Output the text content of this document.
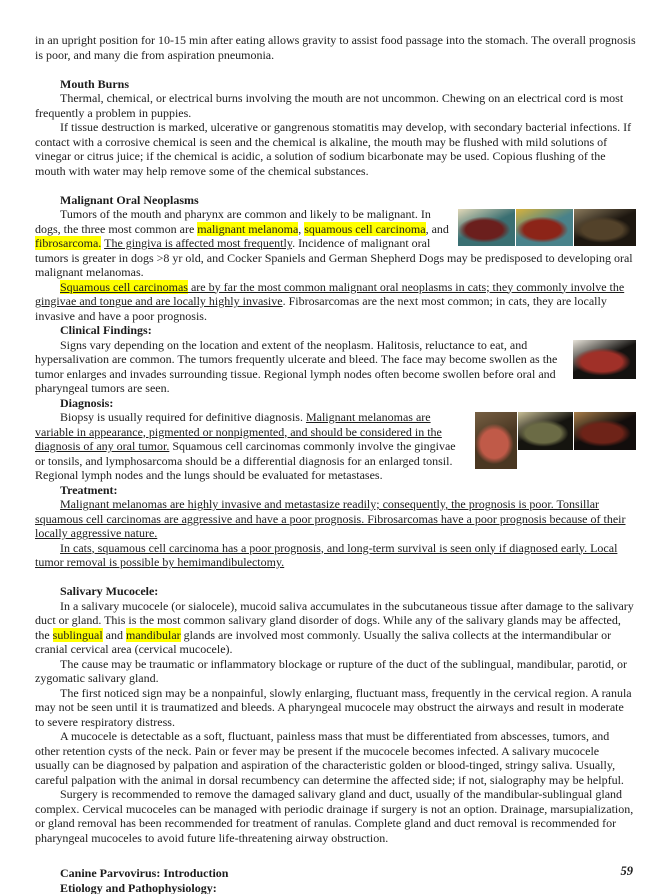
in an upright position for 10-15 min after eating allows gravity to assist food passage into the stomach. The overall prognosis is poor, and many die from aspiration pneumonia.

Mouth Burns

Thermal, chemical, or electrical burns involving the mouth are not uncommon. Chewing on an electrical cord is most frequently a problem in puppies.

If tissue destruction is marked, ulcerative or gangrenous stomatitis may develop, with secondary bacterial infections. If contact with a corrosive chemical is seen and the chemical is alkaline, the mouth may be flushed with mild solutions of vinegar or citrus juice; if the chemical is acidic, a solution of sodium bicarbonate may be used. Copious flushing of the mouth with water may help remove some of the chemical substances.

Malignant Oral Neoplasms

Tumors of the mouth and pharynx are common and likely to be malignant. In dogs, the three most common are malignant melanoma, squamous cell carcinoma, and fibrosarcoma. The gingiva is affected most frequently. Incidence of malignant oral tumors is greater in dogs >8 yr old, and Cocker Spaniels and German Shepherd Dogs may be predisposed to developing oral malignant melanomas.

Squamous cell carcinomas are by far the most common malignant oral neoplasms in cats; they commonly involve the gingivae and tongue and are locally highly invasive. Fibrosarcomas are the next most common; in cats, they are locally invasive and have a poor prognosis.

Clinical Findings:

Signs vary depending on the location and extent of the neoplasm. Halitosis, reluctance to eat, and hypersalivation are common. The tumors frequently ulcerate and bleed. The face may become swollen as the tumor enlarges and invades surrounding tissue. Regional lymph nodes often become swollen before oral and pharyngeal tumors are seen.

Diagnosis:

Biopsy is usually required for definitive diagnosis. Malignant melanomas are variable in appearance, pigmented or nonpigmented, and should be considered in the diagnosis of any oral tumor. Squamous cell carcinomas commonly involve the gingivae or tonsils, and lymphosarcoma should be a differential diagnosis for an enlarged tonsil. Regional lymph nodes and the lungs should be evaluated for metastases.

Treatment:

Malignant melanomas are highly invasive and metastasize readily; consequently, the prognosis is poor. Tonsillar squamous cell carcinomas are aggressive and have a poor prognosis. Fibrosarcomas have a poor prognosis because of their locally aggressive nature.

In cats, squamous cell carcinoma has a poor prognosis, and long-term survival is seen only if diagnosed early. Local tumor removal is possible by hemimandibulectomy.

Salivary Mucocele:

In a salivary mucocele (or sialocele), mucoid saliva accumulates in the subcutaneous tissue after damage to the salivary duct or gland. This is the most common salivary gland disorder of dogs. While any of the salivary glands may be affected, the sublingual and mandibular glands are involved most commonly. Usually the saliva collects at the intermandibular or cranial cervical area (cervical mucocele).

The cause may be traumatic or inflammatory blockage or rupture of the duct of the sublingual, mandibular, parotid, or zygomatic salivary gland.

The first noticed sign may be a nonpainful, slowly enlarging, fluctuant mass, frequently in the cervical region. A ranula may not be seen until it is traumatized and bleeds. A pharyngeal mucocele may obstruct the airways and result in moderate to severe respiratory distress.

A mucocele is detectable as a soft, fluctuant, painless mass that must be differentiated from abscesses, tumors, and other retention cysts of the neck. Pain or fever may be present if the mucocele becomes infected. A salivary mucocele usually can be diagnosed by palpation and aspiration of the characteristic golden or blood-tinged, stringy saliva. Usually, careful palpation with the animal in dorsal recumbency can determine the affected side; if not, sialography may be helpful.

Surgery is recommended to remove the damaged salivary gland and duct, usually of the mandibular-sublingual gland complex. Cervical mucoceles can be managed with periodic drainage if surgery is not an option. Drainage, marsupialization, or gland removal has been recommended for treatment of ranulas. Complete gland and duct removal is recommended for pharyngeal mucoceles to avoid future life-threatening airway obstruction.

Canine Parvovirus: Introduction

Etiology and Pathophysiology:

59
